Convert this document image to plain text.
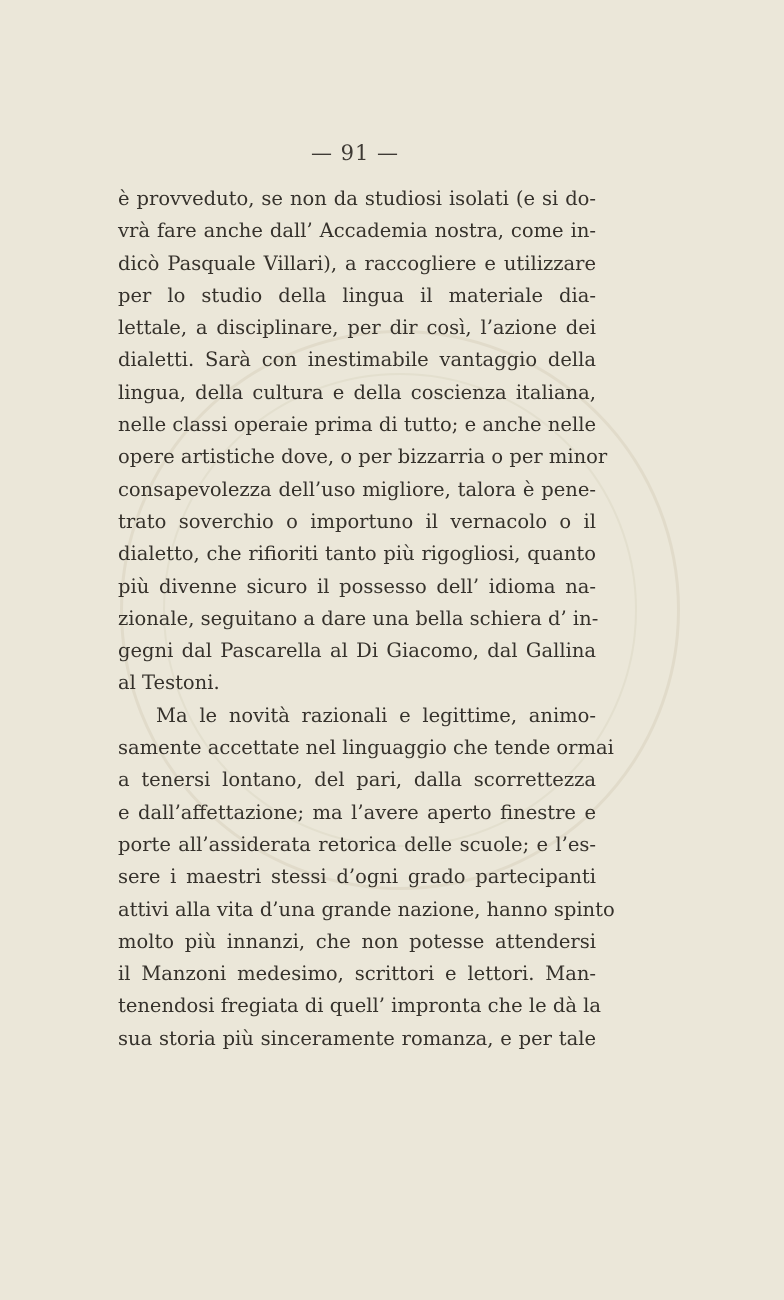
— 91 —
è provveduto, se non da studiosi isolati (e si do-
vrà fare anche dall’ Accademia nostra, come in-
dicò Pasquale Villari), a raccogliere e utilizzare
per lo studio della lingua il materiale dia-
lettale, a disciplinare, per dir così, l’azione dei
dialetti. Sarà con inestimabile vantaggio della
lingua, della cultura e della coscienza italiana,
nelle classi operaie prima di tutto; e anche nelle
opere artistiche dove, o per bizzarria o per minor
consapevolezza dell’uso migliore, talora è pene-
trato soverchio o importuno il vernacolo o il
dialetto, che rifioriti tanto più rigogliosi, quanto
più divenne sicuro il possesso dell’ idioma na-
zionale, seguitano a dare una bella schiera d’ in-
gegni dal Pascarella al Di Giacomo, dal Gallina
al Testoni.
Ma le novità razionali e legittime, animo-
samente accettate nel linguaggio che tende ormai
a tenersi lontano, del pari, dalla scorrettezza
e dall’affettazione; ma l’avere aperto finestre e
porte all’assiderata retorica delle scuole; e l’es-
sere i maestri stessi d’ogni grado partecipanti
attivi alla vita d’una grande nazione, hanno spinto
molto più innanzi, che non potesse attendersi
il Manzoni medesimo, scrittori e lettori. Man-
tenendosi fregiata di quell’ impronta che le dà la
sua storia più sinceramente romanza, e per tale
